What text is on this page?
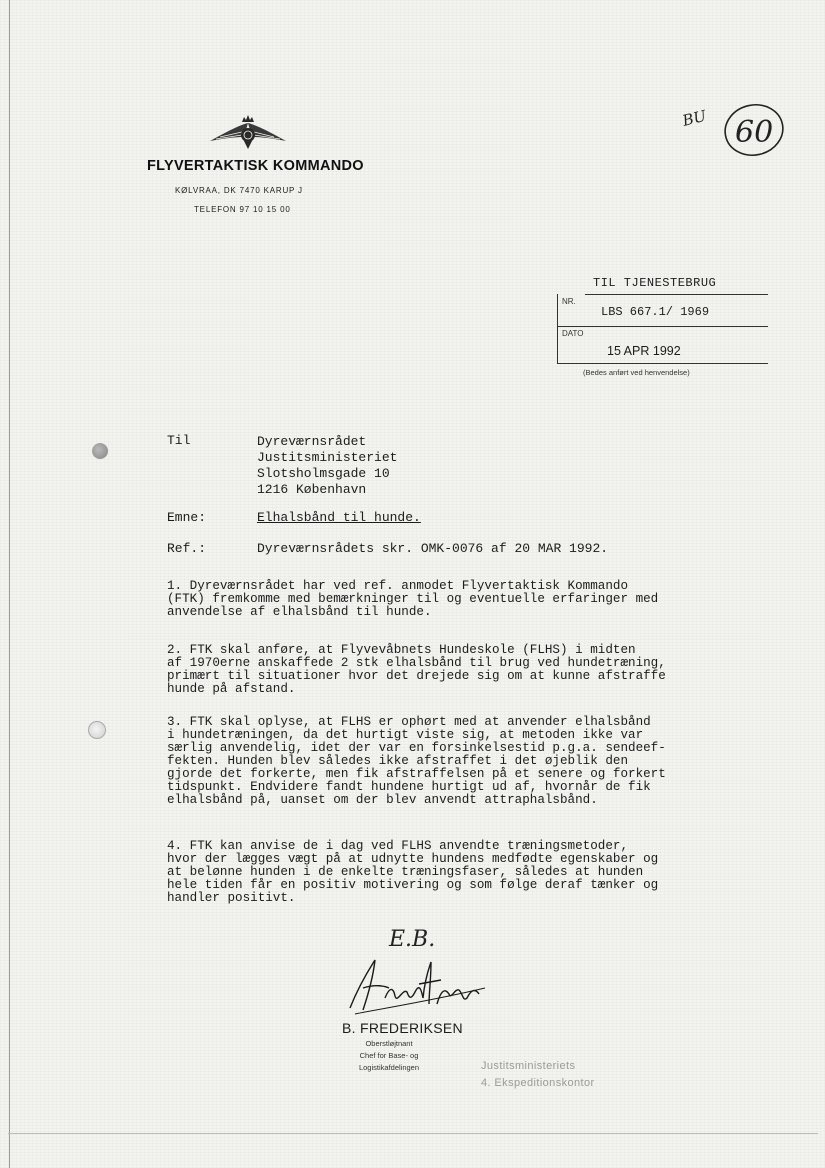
FLYVERTAKTISK KOMMANDO
KØLVRAA, DK 7470 KARUP J
TELEFON 97 10 15 00
BU 60
TIL TJENESTEBRUG
NR.
LBS 667.1/ 1969
DATO
15 APR 1992
(Bedes anført ved henvendelse)
Til	Dyreværnsrådet
Justitsministeriet
Slotsholmsgade 10
1216 København
Emne:	Elhalsbånd til hunde.
Ref.:	Dyreværnsrådets skr. OMK-0076 af 20 MAR 1992.
1. Dyreværnsrådet har ved ref. anmodet Flyvertaktisk Kommando
(FTK) fremkomme med bemærkninger til og eventuelle erfaringer med
anvendelse af elhalsbånd til hunde.
2. FTK skal anføre, at Flyvevåbnets Hundeskole (FLHS) i midten
af 1970erne anskaffede 2 stk elhalsbånd til brug ved hundetræning,
primært til situationer hvor det drejede sig om at kunne afstraffe
hunde på afstand.
3. FTK skal oplyse, at FLHS er ophørt med at anvender elhalsbånd
i hundetræningen, da det hurtigt viste sig, at metoden ikke var
særlig anvendelig, idet der var en forsinkelsestid p.g.a. sendeef-
fekten. Hunden blev således ikke afstraffet i det øjeblik den
gjorde det forkerte, men fik afstraffelsen på et senere og forkert
tidspunkt. Endvidere fandt hundene hurtigt ud af, hvornår de fik
elhalsbånd på, uanset om der blev anvendt attraphalsbånd.
4. FTK kan anvise de i dag ved FLHS anvendte træningsmetoder,
hvor der lægges vægt på at udnytte hundens medfødte egenskaber og
at belønne hunden i de enkelte træningsfaser, således at hunden
hele tiden får en positiv motivering og som følge deraf tænker og
handler positivt.
E.B.
B. FREDERIKSEN
Oberstløjtnant
Chef for Base- og
Logistikafdelingen	Justitsministeriets
4. Ekspeditionskontor
